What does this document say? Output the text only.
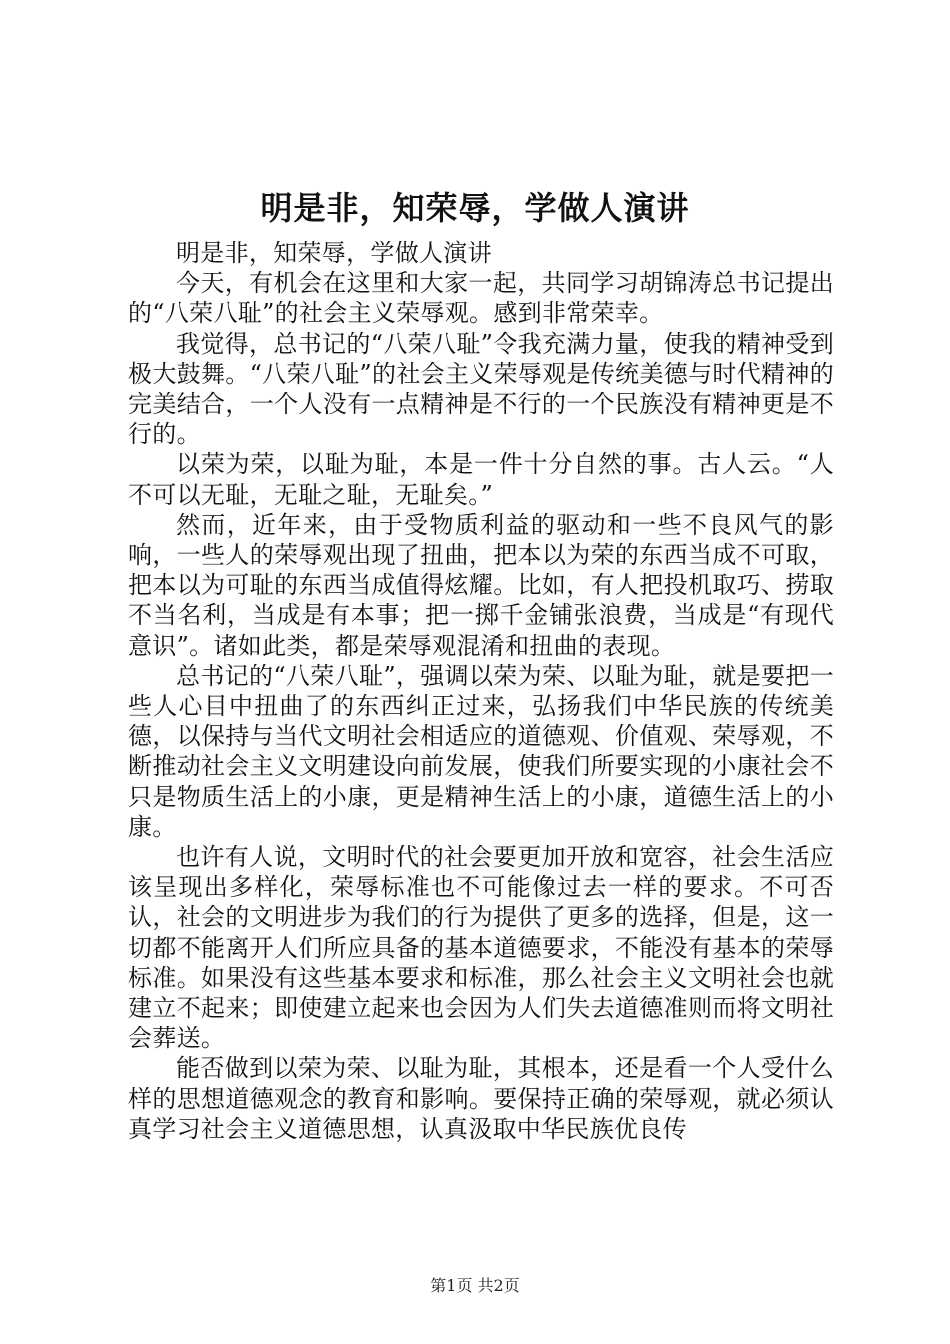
明是非，知荣辱，学做人演讲

明是非，知荣辱，学做人演讲

今天，有机会在这里和大家一起，共同学习胡锦涛总书记提出的“八荣八耻”的社会主义荣辱观。感到非常荣幸。

我觉得，总书记的“八荣八耻”令我充满力量，使我的精神受到极大鼓舞。“八荣八耻”的社会主义荣辱观是传统美德与时代精神的完美结合，一个人没有一点精神是不行的一个民族没有精神更是不行的。

以荣为荣，以耻为耻，本是一件十分自然的事。古人云。“人不可以无耻，无耻之耻，无耻矣。”

然而，近年来，由于受物质利益的驱动和一些不良风气的影响，一些人的荣辱观出现了扭曲，把本以为荣的东西当成不可取，把本以为可耻的东西当成值得炫耀。比如，有人把投机取巧、捞取不当名利，当成是有本事；把一掷千金铺张浪费，当成是“有现代意识”。诸如此类，都是荣辱观混淆和扭曲的表现。

总书记的“八荣八耻”，强调以荣为荣、以耻为耻，就是要把一些人心目中扭曲了的东西纠正过来，弘扬我们中华民族的传统美德，以保持与当代文明社会相适应的道德观、价值观、荣辱观，不断推动社会主义文明建设向前发展，使我们所要实现的小康社会不只是物质生活上的小康，更是精神生活上的小康，道德生活上的小康。

也许有人说，文明时代的社会要更加开放和宽容，社会生活应该呈现出多样化，荣辱标准也不可能像过去一样的要求。不可否认，社会的文明进步为我们的行为提供了更多的选择，但是，这一切都不能离开人们所应具备的基本道德要求，不能没有基本的荣辱标准。如果没有这些基本要求和标准，那么社会主义文明社会也就建立不起来；即使建立起来也会因为人们失去道德准则而将文明社会葬送。

能否做到以荣为荣、以耻为耻，其根本，还是看一个人受什么样的思想道德观念的教育和影响。要保持正确的荣辱观，就必须认真学习社会主义道德思想，认真汲取中华民族优良传

第1页 共2页
